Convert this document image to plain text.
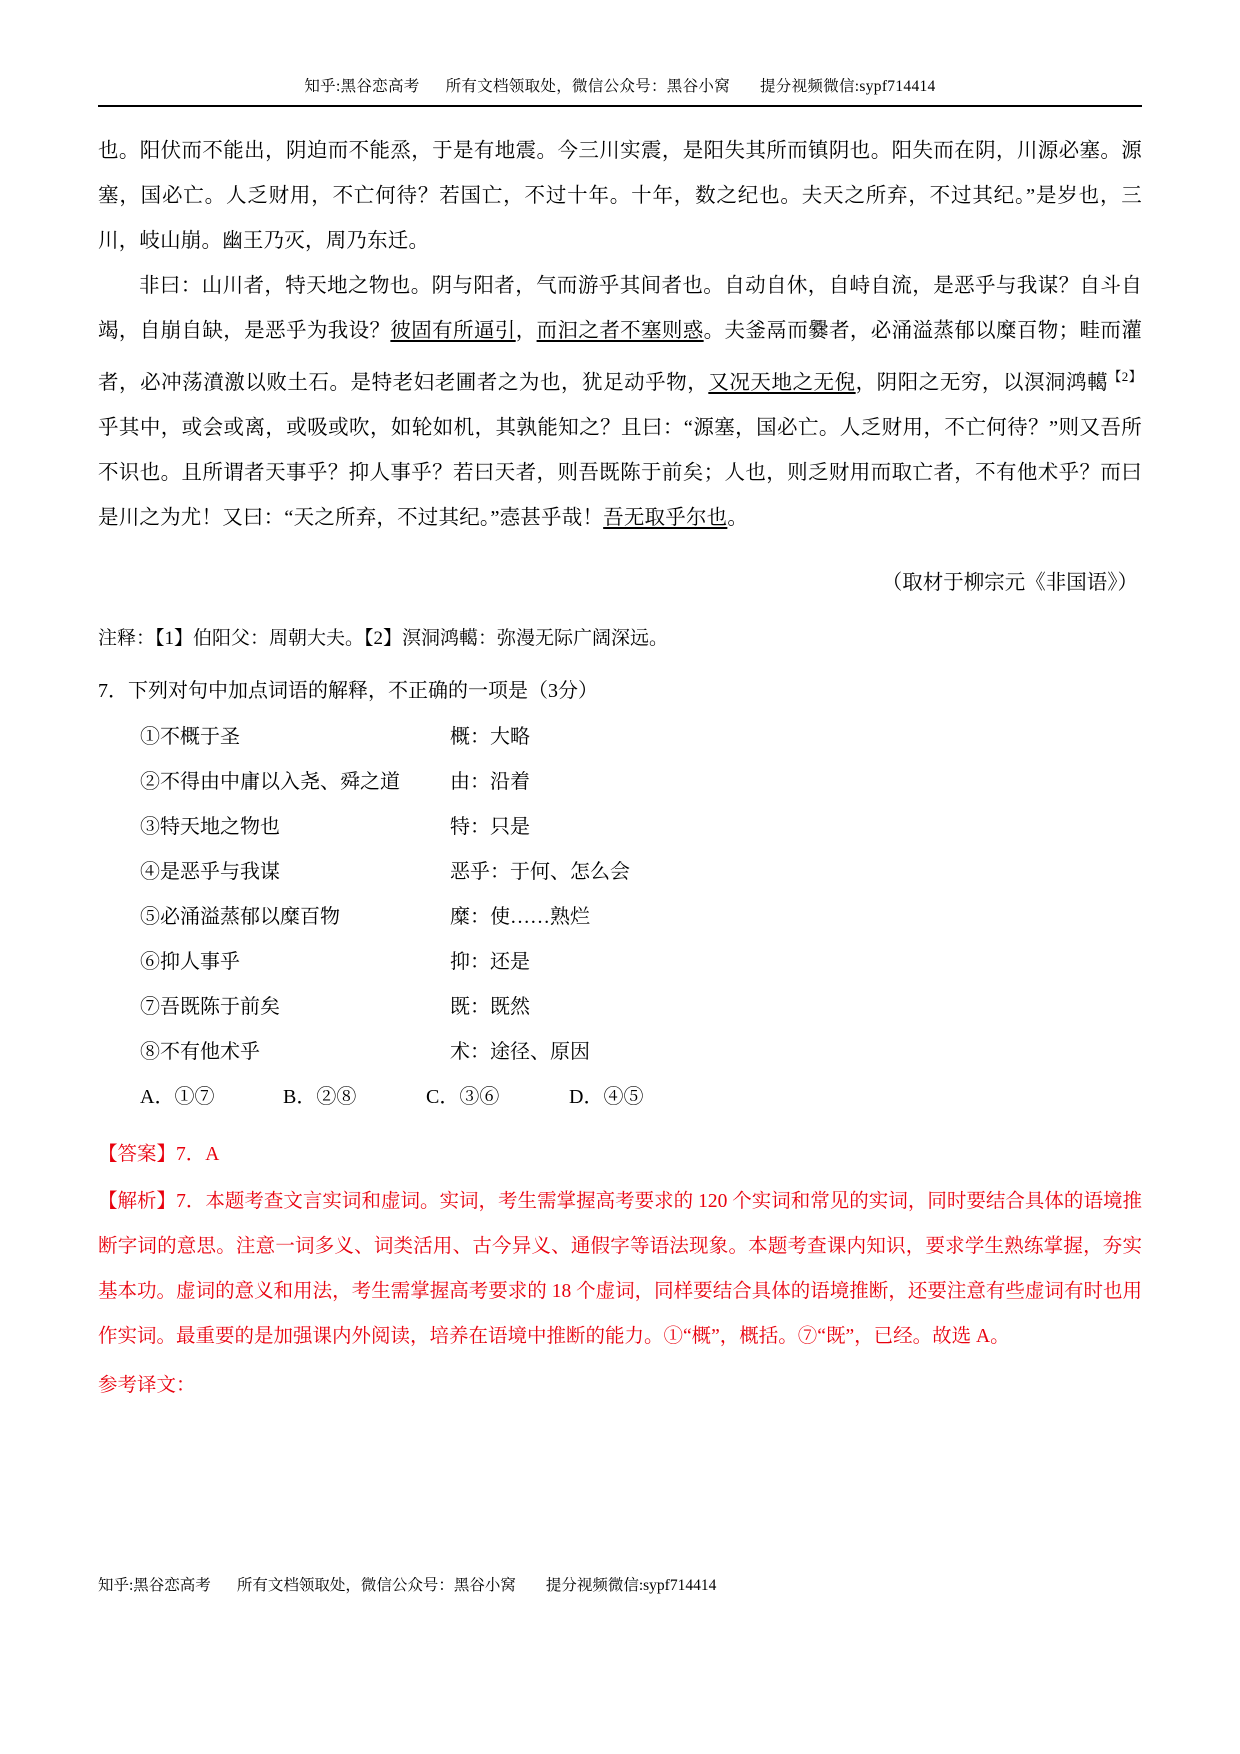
知乎:黑谷恋高考 所有文档领取处，微信公众号：黑谷小窝 提分视频微信:sypf714414

也。阳伏而不能出，阴迫而不能烝，于是有地震。今三川实震，是阳失其所而镇阴也。阳失而在阴，川源必塞。源塞，国必亡。人乏财用，不亡何待？若国亡，不过十年。十年，数之纪也。夫天之所弃，不过其纪。”是岁也，三川，岐山崩。幽王乃灭，周乃东迁。

非曰：山川者，特天地之物也。阴与阳者，气而游乎其间者也。自动自休，自峙自流，是恶乎与我谋？自斗自竭，自崩自缺，是恶乎为我设？彼固有所逼引，而汩之者不塞则惑。夫釜鬲而爨者，必涌溢蒸郁以糜百物；畦而灌者，必冲荡濆激以败土石。是特老妇老圃者之为也，犹足动乎物，又况天地之无倪，阴阳之无穷，以溟洞鸿轕$^{【2】}$乎其中，或会或离，或吸或吹，如轮如机，其孰能知之？且曰：“源塞，国必亡。人乏财用，不亡何待？”则又吾所不识也。且所谓者天事乎？抑人事乎？若曰天者，则吾既陈于前矣；人也，则乏财用而取亡者，不有他术乎？而曰是川之为尤！又曰：“天之所弃，不过其纪。”悫甚乎哉！吾无取乎尔也。

（取材于柳宗元《非国语》）
注释：【1】伯阳父：周朝大夫。【2】溟洞鸿轕：弥漫无际广阔深远。
7．下列对句中加点词语的解释，不正确的一项是（3分）
①不概于圣	概：大略
②不得由中庸以入尧、舜之道	由：沿着
③特天地之物也	特：只是
④是恶乎与我谋	恶乎：于何、怎么会
⑤必涌溢蒸郁以糜百物	糜：使……熟烂
⑥抑人事乎	抑：还是
⑦吾既陈于前矣	既：既然
⑧不有他术乎	术：途径、原因
A．①⑦	B．②⑧	C．③⑥	D．④⑤
【答案】7．A
【解析】7．本题考查文言实词和虚词。实词，考生需掌握高考要求的 120 个实词和常见的实词，同时要结合具体的语境推断字词的意思。注意一词多义、词类活用、古今异义、通假字等语法现象。本题考查课内知识，要求学生熟练掌握，夯实基本功。虚词的意义和用法，考生需掌握高考要求的 18 个虚词，同样要结合具体的语境推断，还要注意有些虚词有时也用作实词。最重要的是加强课内外阅读，培养在语境中推断的能力。①“概”，概括。⑦“既”，已经。故选 A。
参考译文：
知乎:黑谷恋高考 所有文档领取处，微信公众号：黑谷小窝 提分视频微信:sypf714414
